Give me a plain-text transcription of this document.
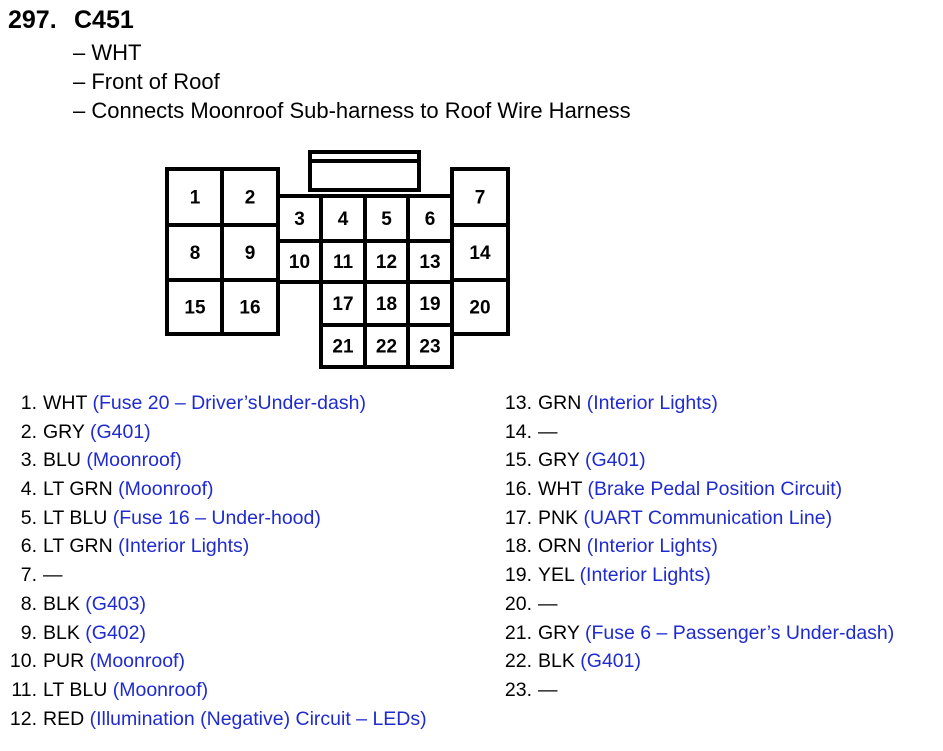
297. C451
– WHT
– Front of Roof
– Connects Moonroof Sub-harness to Roof Wire Harness
1 2
3 4 5 6
7
8 9 10 11 12 13 14
15 16	17 18 19 20
21 22 23
1. WHT (Fuse 20 – Driver’sUnder-dash)
2. GRY (G401)
3. BLU (Moonroof)
4. LT GRN (Moonroof)
5. LT BLU (Fuse 16 – Under-hood)
6. LT GRN (Interior Lights)
7. —
8. BLK (G403)
9. BLK (G402)
10. PUR (Moonroof)
11. LT BLU (Moonroof)
12. RED (Illumination (Negative) Circuit – LEDs)
13. GRN (Interior Lights)
14. —
15. GRY (G401)
16. WHT (Brake Pedal Position Circuit)
17. PNK (UART Communication Line)
18. ORN (Interior Lights)
19. YEL (Interior Lights)
20. —
21. GRY (Fuse 6 – Passenger’s Under-dash)
22. BLK (G401)
23. —
